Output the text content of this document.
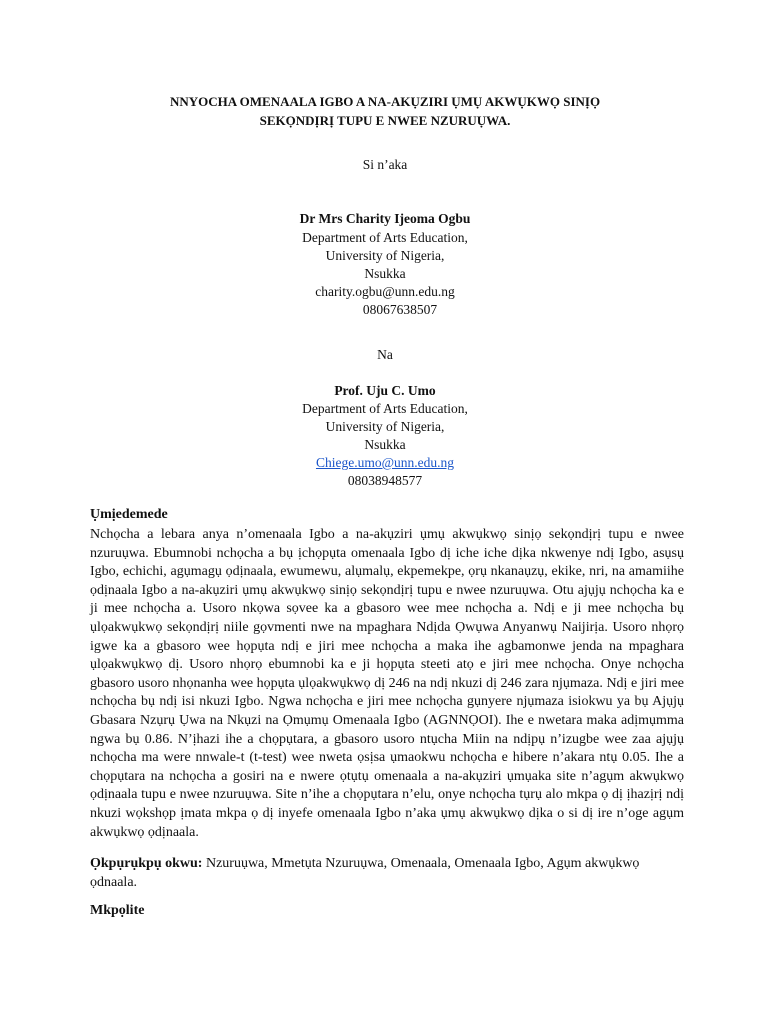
NNYOCHA OMENAALA IGBO A NA-AKỤZIRI ỤMỤ AKWỤKWỌ SINỊỌ
SEKỌNDỊRỊ TUPU E NWEE NZURUỤWA.
Si n’aka
Dr Mrs Charity Ijeoma Ogbu
Department of Arts Education,
University of Nigeria,
Nsukka
charity.ogbu@unn.edu.ng
08067638507
Na
Prof. Uju C. Umo
Department of Arts Education,
University of Nigeria,
Nsukka
Chiege.umo@unn.edu.ng
08038948577
Ụmịedemede
Nchọcha a lebara anya n’omenaala Igbo a na-akụziri ụmụ akwụkwọ sinịọ sekọndịrị tupu e nwee nzuruụwa. Ebumnobi nchọcha a bụ ịchọpụta omenaala Igbo dị iche iche dịka nkwenye ndị Igbo, asụsụ Igbo, echichi, agụmagụ ọdịnaala, ewumewu, alụmalụ, ekpemekpe, ọrụ nkanaụzụ, ekike, nri, na amamiihe ọdịnaala Igbo a na-akụziri ụmụ akwụkwọ sinịọ sekọndịrị tupu e nwee nzuruụwa. Otu ajụjụ nchọcha ka e ji mee nchọcha a. Usoro nkọwa sọvee ka a gbasoro wee mee nchọcha a. Ndị e ji mee nchọcha bụ ụlọakwụkwọ sekọndịrị niile gọvmenti nwe na mpaghara Ndịda Ọwụwa Anyanwụ Naijirịa. Usoro nhọrọ igwe ka a gbasoro wee họpụta ndị e jiri mee nchọcha a maka ihe agbamonwe jenda na mpaghara ụlọakwụkwọ dị. Usoro nhọrọ ebumnobi ka e ji họpụta steeti atọ e jiri mee nchọcha. Onye nchọcha gbasoro usoro nhọnanha wee họpụta ụlọakwụkwọ dị 246 na ndị nkuzi dị 246 zara njụmaza. Ndị e jiri mee nchọcha bụ ndị isi nkuzi Igbo. Ngwa nchọcha e jiri mee nchọcha gụnyere njụmaza isiokwu ya bụ Ajụjụ Gbasara Nzụrụ Ụwa na Nkụzi na Ọmụmụ Omenaala Igbo (AGNNỌOI). Ihe e nwetara maka adịmụmma ngwa bụ 0.86. N’ịhazi ihe a chọpụtara, a gbasoro usoro ntụcha Miin na ndịpụ n’izugbe wee zaa ajụjụ nchọcha ma were nnwale-t (t-test) wee nweta ọsịsa ụmaokwu nchọcha e hibere n’akara ntụ 0.05. Ihe a chọpụtara na nchọcha a gosiri na e nwere ọtụtụ omenaala a na-akụziri ụmụaka site n’agụm akwụkwọ ọdịnaala tupu e nwee nzuruụwa. Site n’ihe a chọpụtara n’elu, onye nchọcha tụrụ alo mkpa ọ dị ịhazịrị ndị nkuzi wọkshọp ịmata mkpa ọ dị inyefe omenaala Igbo n’aka ụmụ akwụkwọ dịka o si dị ire n’oge agụm akwụkwọ ọdịnaala.
Ọkpụrụkpụ okwu: Nzuruụwa, Mmetụta Nzuruụwa, Omenaala, Omenaala Igbo, Agụm akwụkwọ ọdnaala.
Mkpọlite
